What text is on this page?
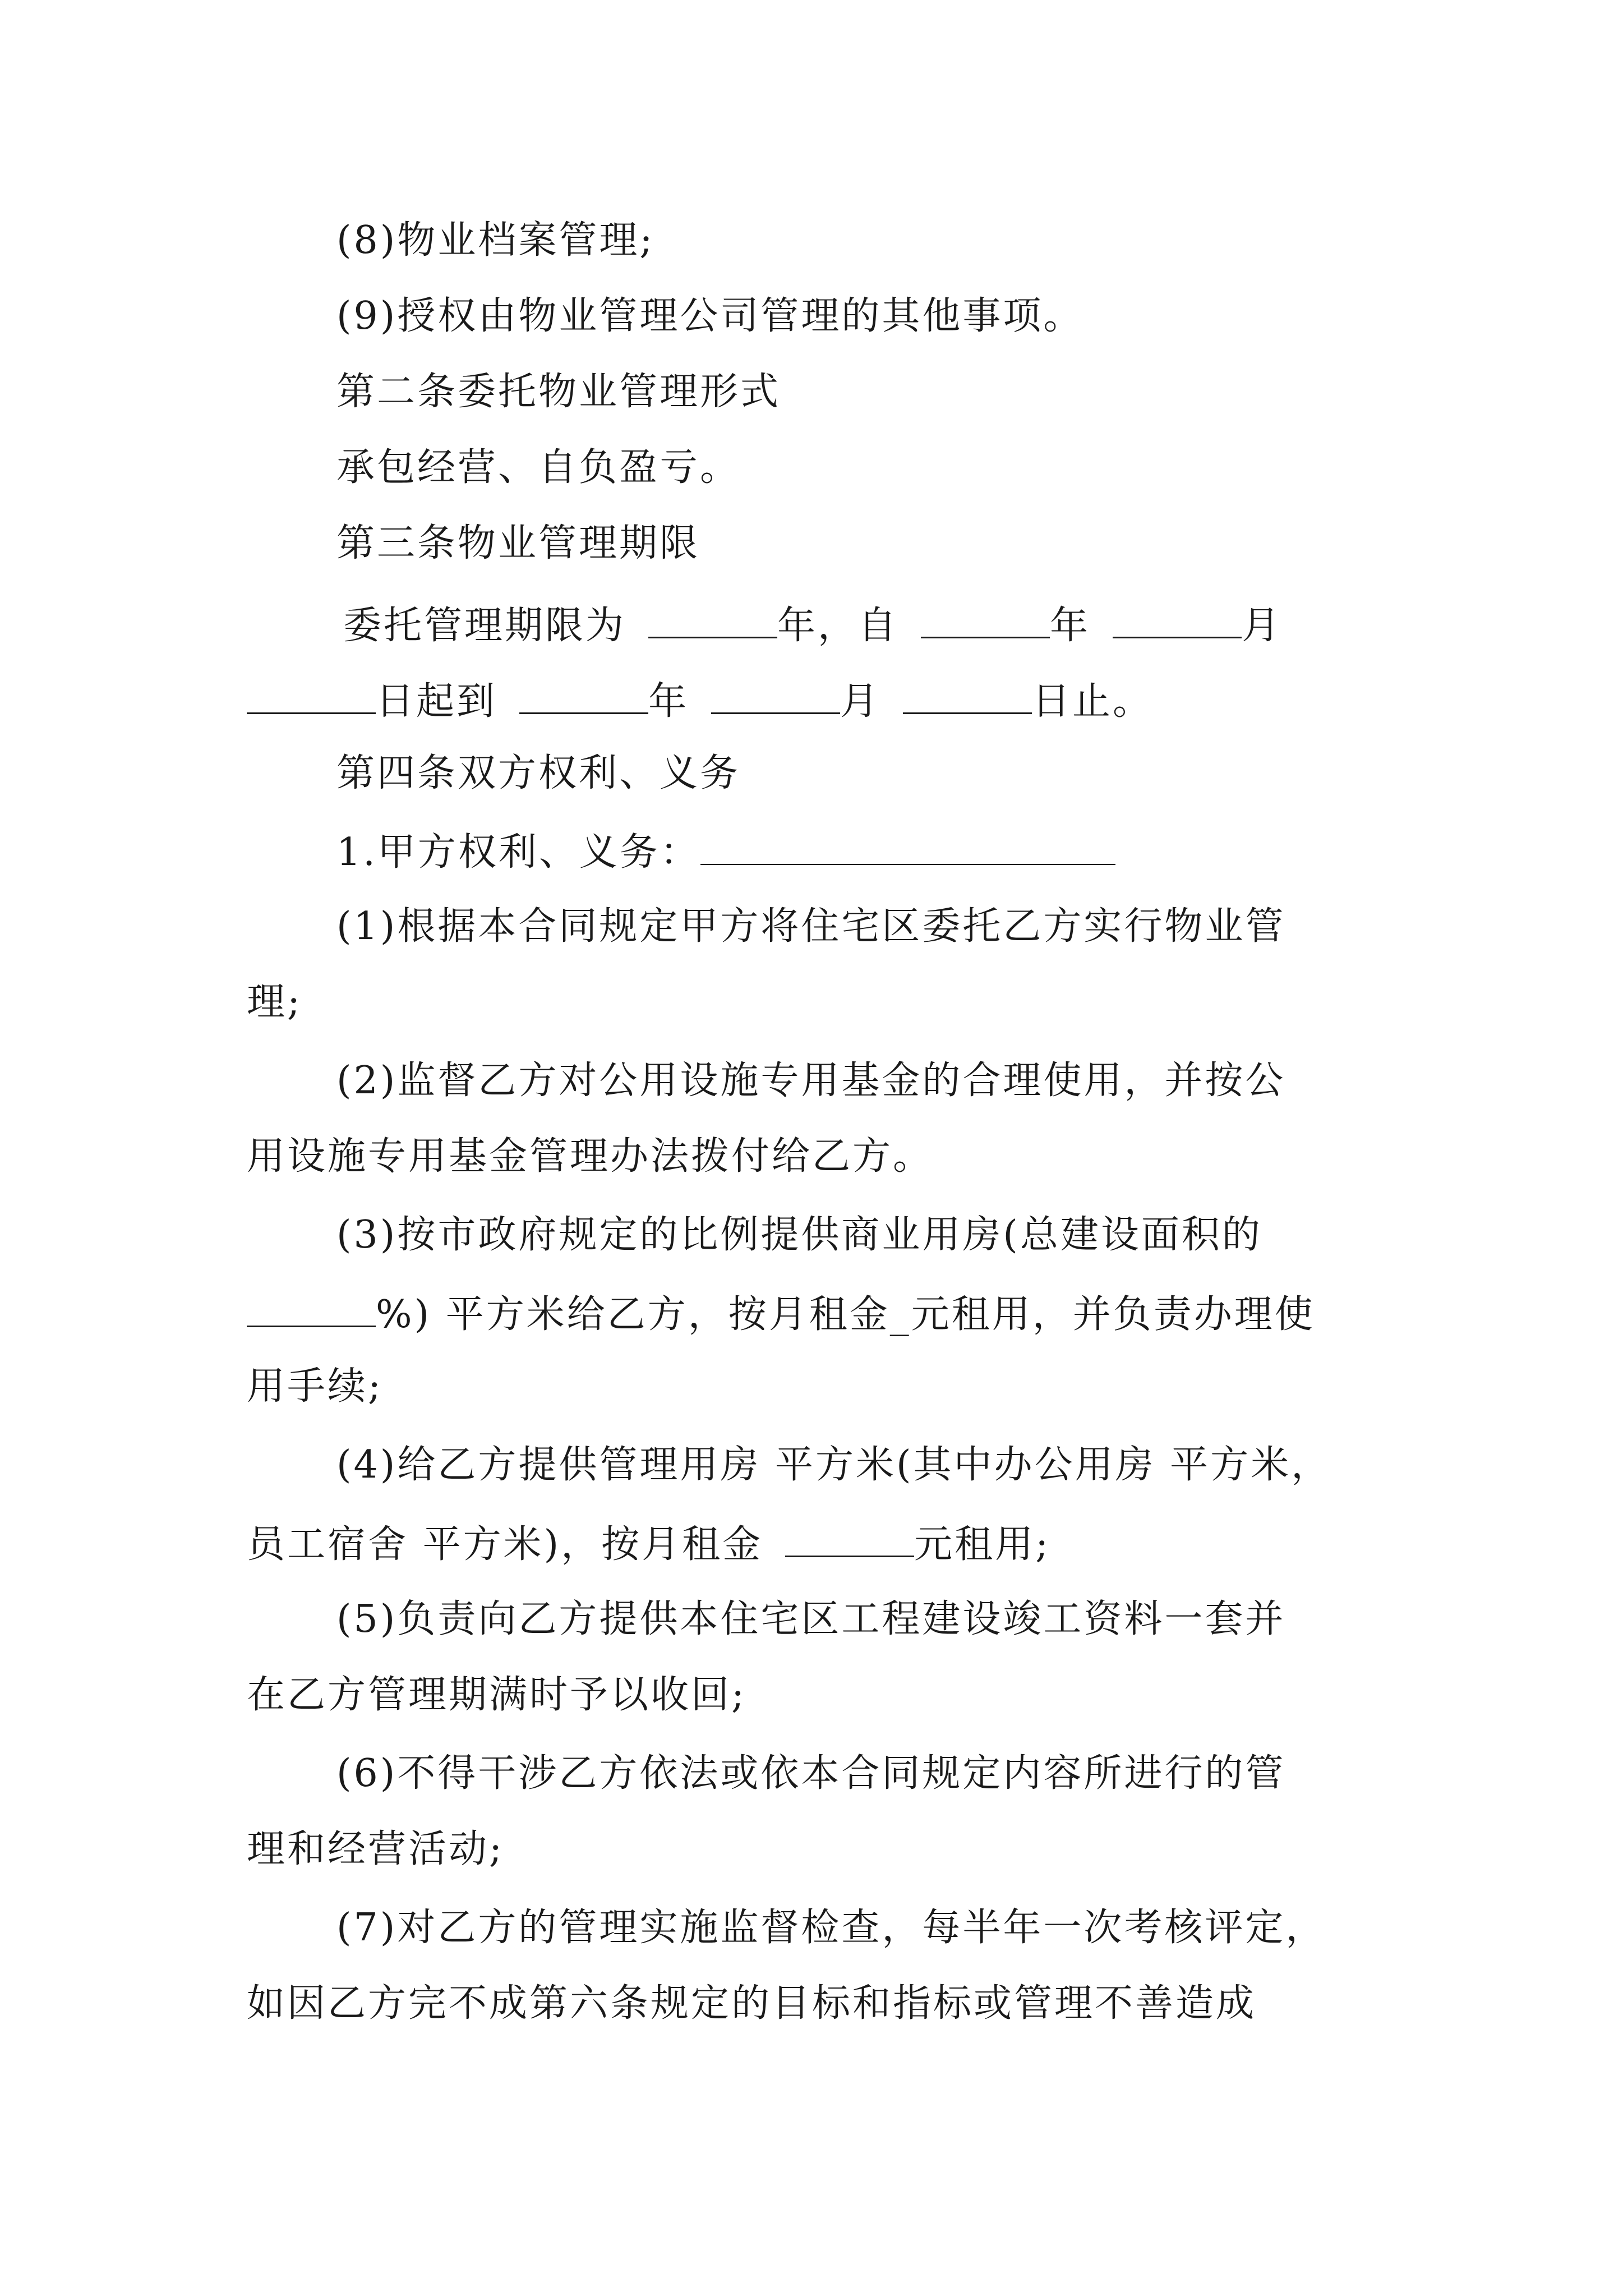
(8)物业档案管理;
(9)授权由物业管理公司管理的其他事项。
第二条委托物业管理形式
承包经营、自负盈亏。
第三条物业管理期限
委托管理期限为	年，自	年	月
日起到	年	月	日止。
第四条双方权利、义务
1.甲方权利、义务：
(1)根据本合同规定甲方将住宅区委托乙方实行物业管
理;
(2)监督乙方对公用设施专用基金的合理使用，并按公
用设施专用基金管理办法拨付给乙方。
(3)按市政府规定的比例提供商业用房(总建设面积的
%) 平方米给乙方，按月租金_元租用，并负责办理使
用手续;
(4)给乙方提供管理用房 平方米(其中办公用房 平方米，
员工宿舍 平方米)，按月租金	元租用;
(5)负责向乙方提供本住宅区工程建设竣工资料一套并
在乙方管理期满时予以收回;
(6)不得干涉乙方依法或依本合同规定内容所进行的管
理和经营活动;
(7)对乙方的管理实施监督检查，每半年一次考核评定，
如因乙方完不成第六条规定的目标和指标或管理不善造成
